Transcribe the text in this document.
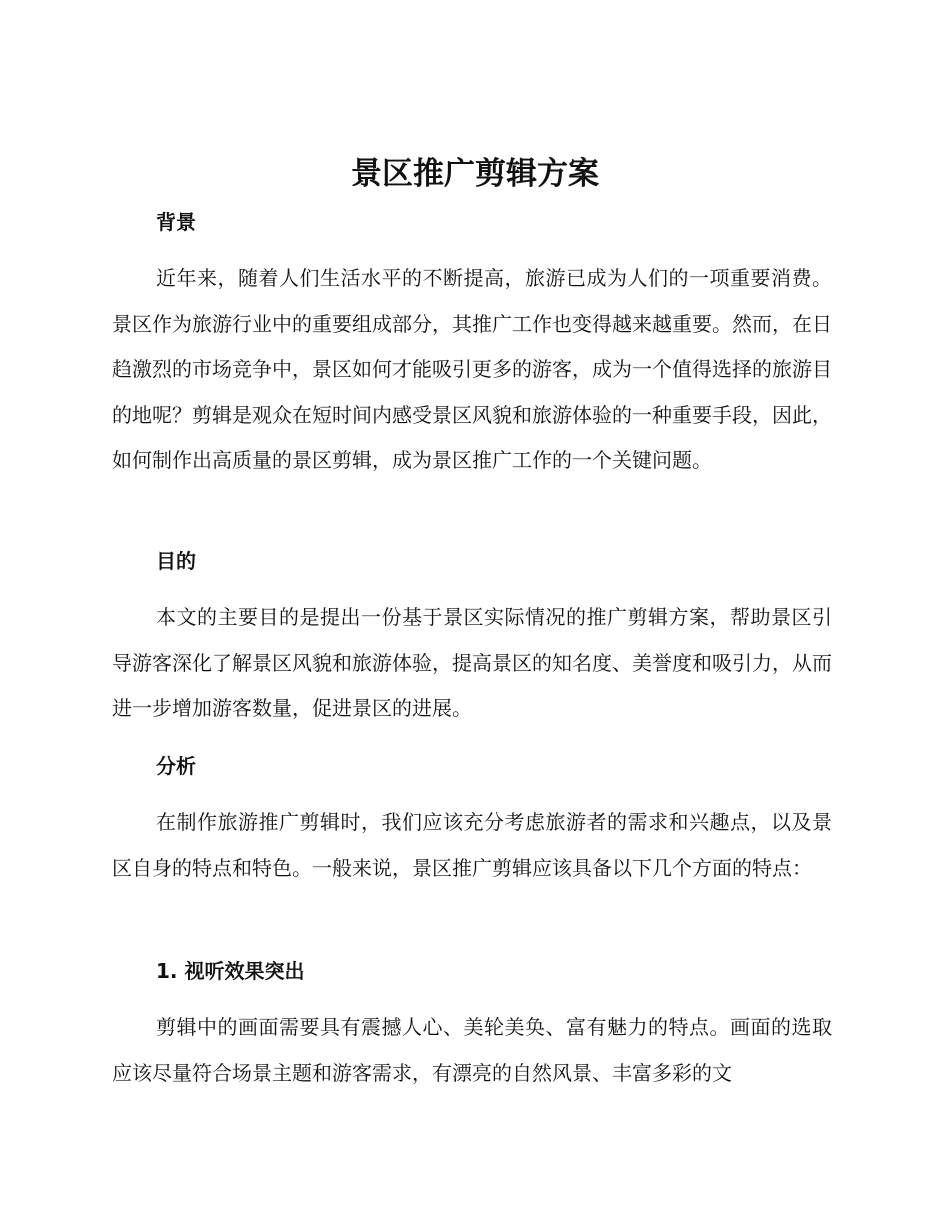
景区推广剪辑方案
背景

近年来，随着人们生活水平的不断提高，旅游已成为人们的一项重要消费。景区作为旅游行业中的重要组成部分，其推广工作也变得越来越重要。然而，在日趋激烈的市场竞争中，景区如何才能吸引更多的游客，成为一个值得选择的旅游目的地呢？剪辑是观众在短时间内感受景区风貌和旅游体验的一种重要手段，因此，如何制作出高质量的景区剪辑，成为景区推广工作的一个关键问题。

目的

本文的主要目的是提出一份基于景区实际情况的推广剪辑方案，帮助景区引导游客深化了解景区风貌和旅游体验，提高景区的知名度、美誉度和吸引力，从而进一步增加游客数量，促进景区的进展。

分析

在制作旅游推广剪辑时，我们应该充分考虑旅游者的需求和兴趣点，以及景区自身的特点和特色。一般来说，景区推广剪辑应该具备以下几个方面的特点：

1. 视听效果突出

剪辑中的画面需要具有震撼人心、美轮美奂、富有魅力的特点。画面的选取应该尽量符合场景主题和游客需求，有漂亮的自然风景、丰富多彩的文
